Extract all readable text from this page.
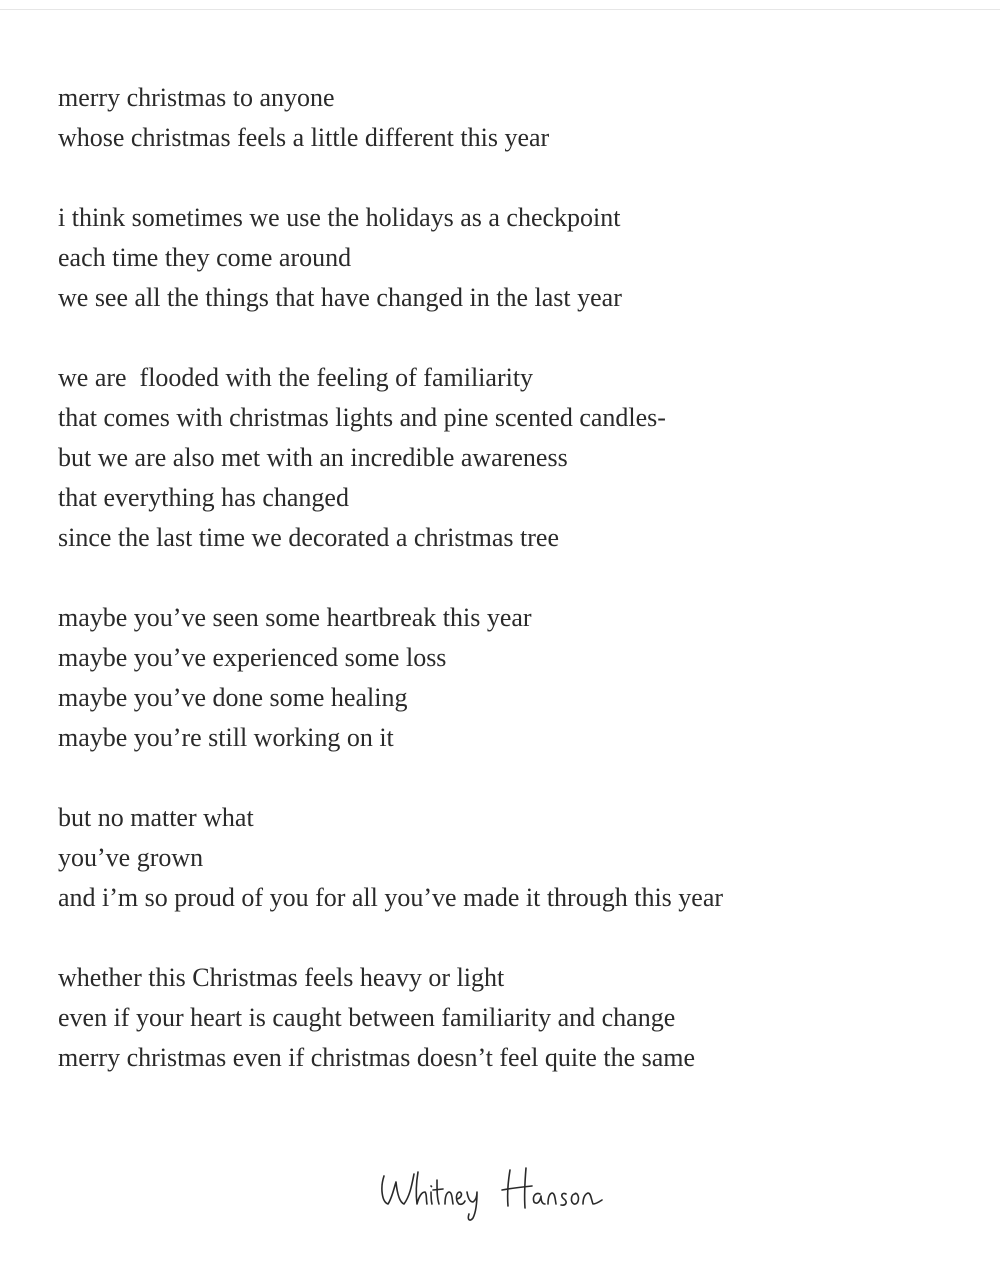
merry christmas to anyone
whose christmas feels a little different this year
i think sometimes we use the holidays as a checkpoint
each time they come around
we see all the things that have changed in the last year
we are  flooded with the feeling of familiarity
that comes with christmas lights and pine scented candles-
but we are also met with an incredible awareness
that everything has changed
since the last time we decorated a christmas tree
maybe you’ve seen some heartbreak this year
maybe you’ve experienced some loss
maybe you’ve done some healing
maybe you’re still working on it
but no matter what
you’ve grown
and i’m so proud of you for all you’ve made it through this year
whether this Christmas feels heavy or light
even if your heart is caught between familiarity and change
merry christmas even if christmas doesn’t feel quite the same
